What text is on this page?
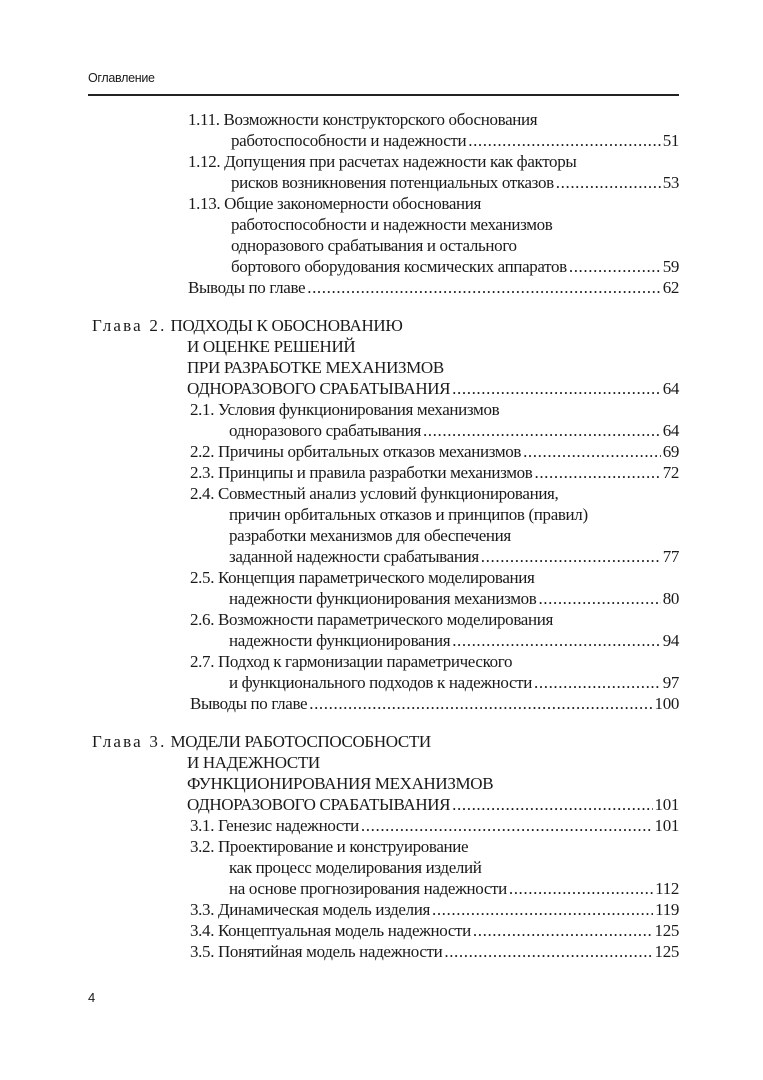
Оглавление
1.11. Возможности конструкторского обоснования
работоспособности и надежности .....	51
1.12. Допущения при расчетах надежности как факторы
рисков возникновения потенциальных отказов .....	53
1.13. Общие закономерности обоснования
работоспособности и надежности механизмов
одноразового срабатывания и остального
бортового оборудования космических аппаратов .....	59
Выводы по главе .....	62
Глава 2. ПОДХОДЫ К ОБОСНОВАНИЮ
И ОЦЕНКЕ РЕШЕНИЙ
ПРИ РАЗРАБОТКЕ МЕХАНИЗМОВ
ОДНОРАЗОВОГО СРАБАТЫВАНИЯ .....	64
2.1. Условия функционирования механизмов
одноразового срабатывания .....	64
2.2. Причины орбитальных отказов механизмов .....	69
2.3. Принципы и правила разработки механизмов .....	72
2.4. Совместный анализ условий функционирования,
причин орбитальных отказов и принципов (правил)
разработки механизмов для обеспечения
заданной надежности срабатывания .....	77
2.5. Концепция параметрического моделирования
надежности функционирования механизмов .....	80
2.6. Возможности параметрического моделирования
надежности функционирования .....	94
2.7. Подход к гармонизации параметрического
и функционального подходов к надежности .....	97
Выводы по главе .....	100
Глава 3. МОДЕЛИ РАБОТОСПОСОБНОСТИ
И НАДЕЖНОСТИ
ФУНКЦИОНИРОВАНИЯ МЕХАНИЗМОВ
ОДНОРАЗОВОГО СРАБАТЫВАНИЯ .....	101
3.1. Генезис надежности .....	101
3.2. Проектирование и конструирование
как процесс моделирования изделий
на основе прогнозирования надежности .....	112
3.3. Динамическая модель изделия .....	119
3.4. Концептуальная модель надежности .....	125
3.5. Понятийная модель надежности .....	125
4
